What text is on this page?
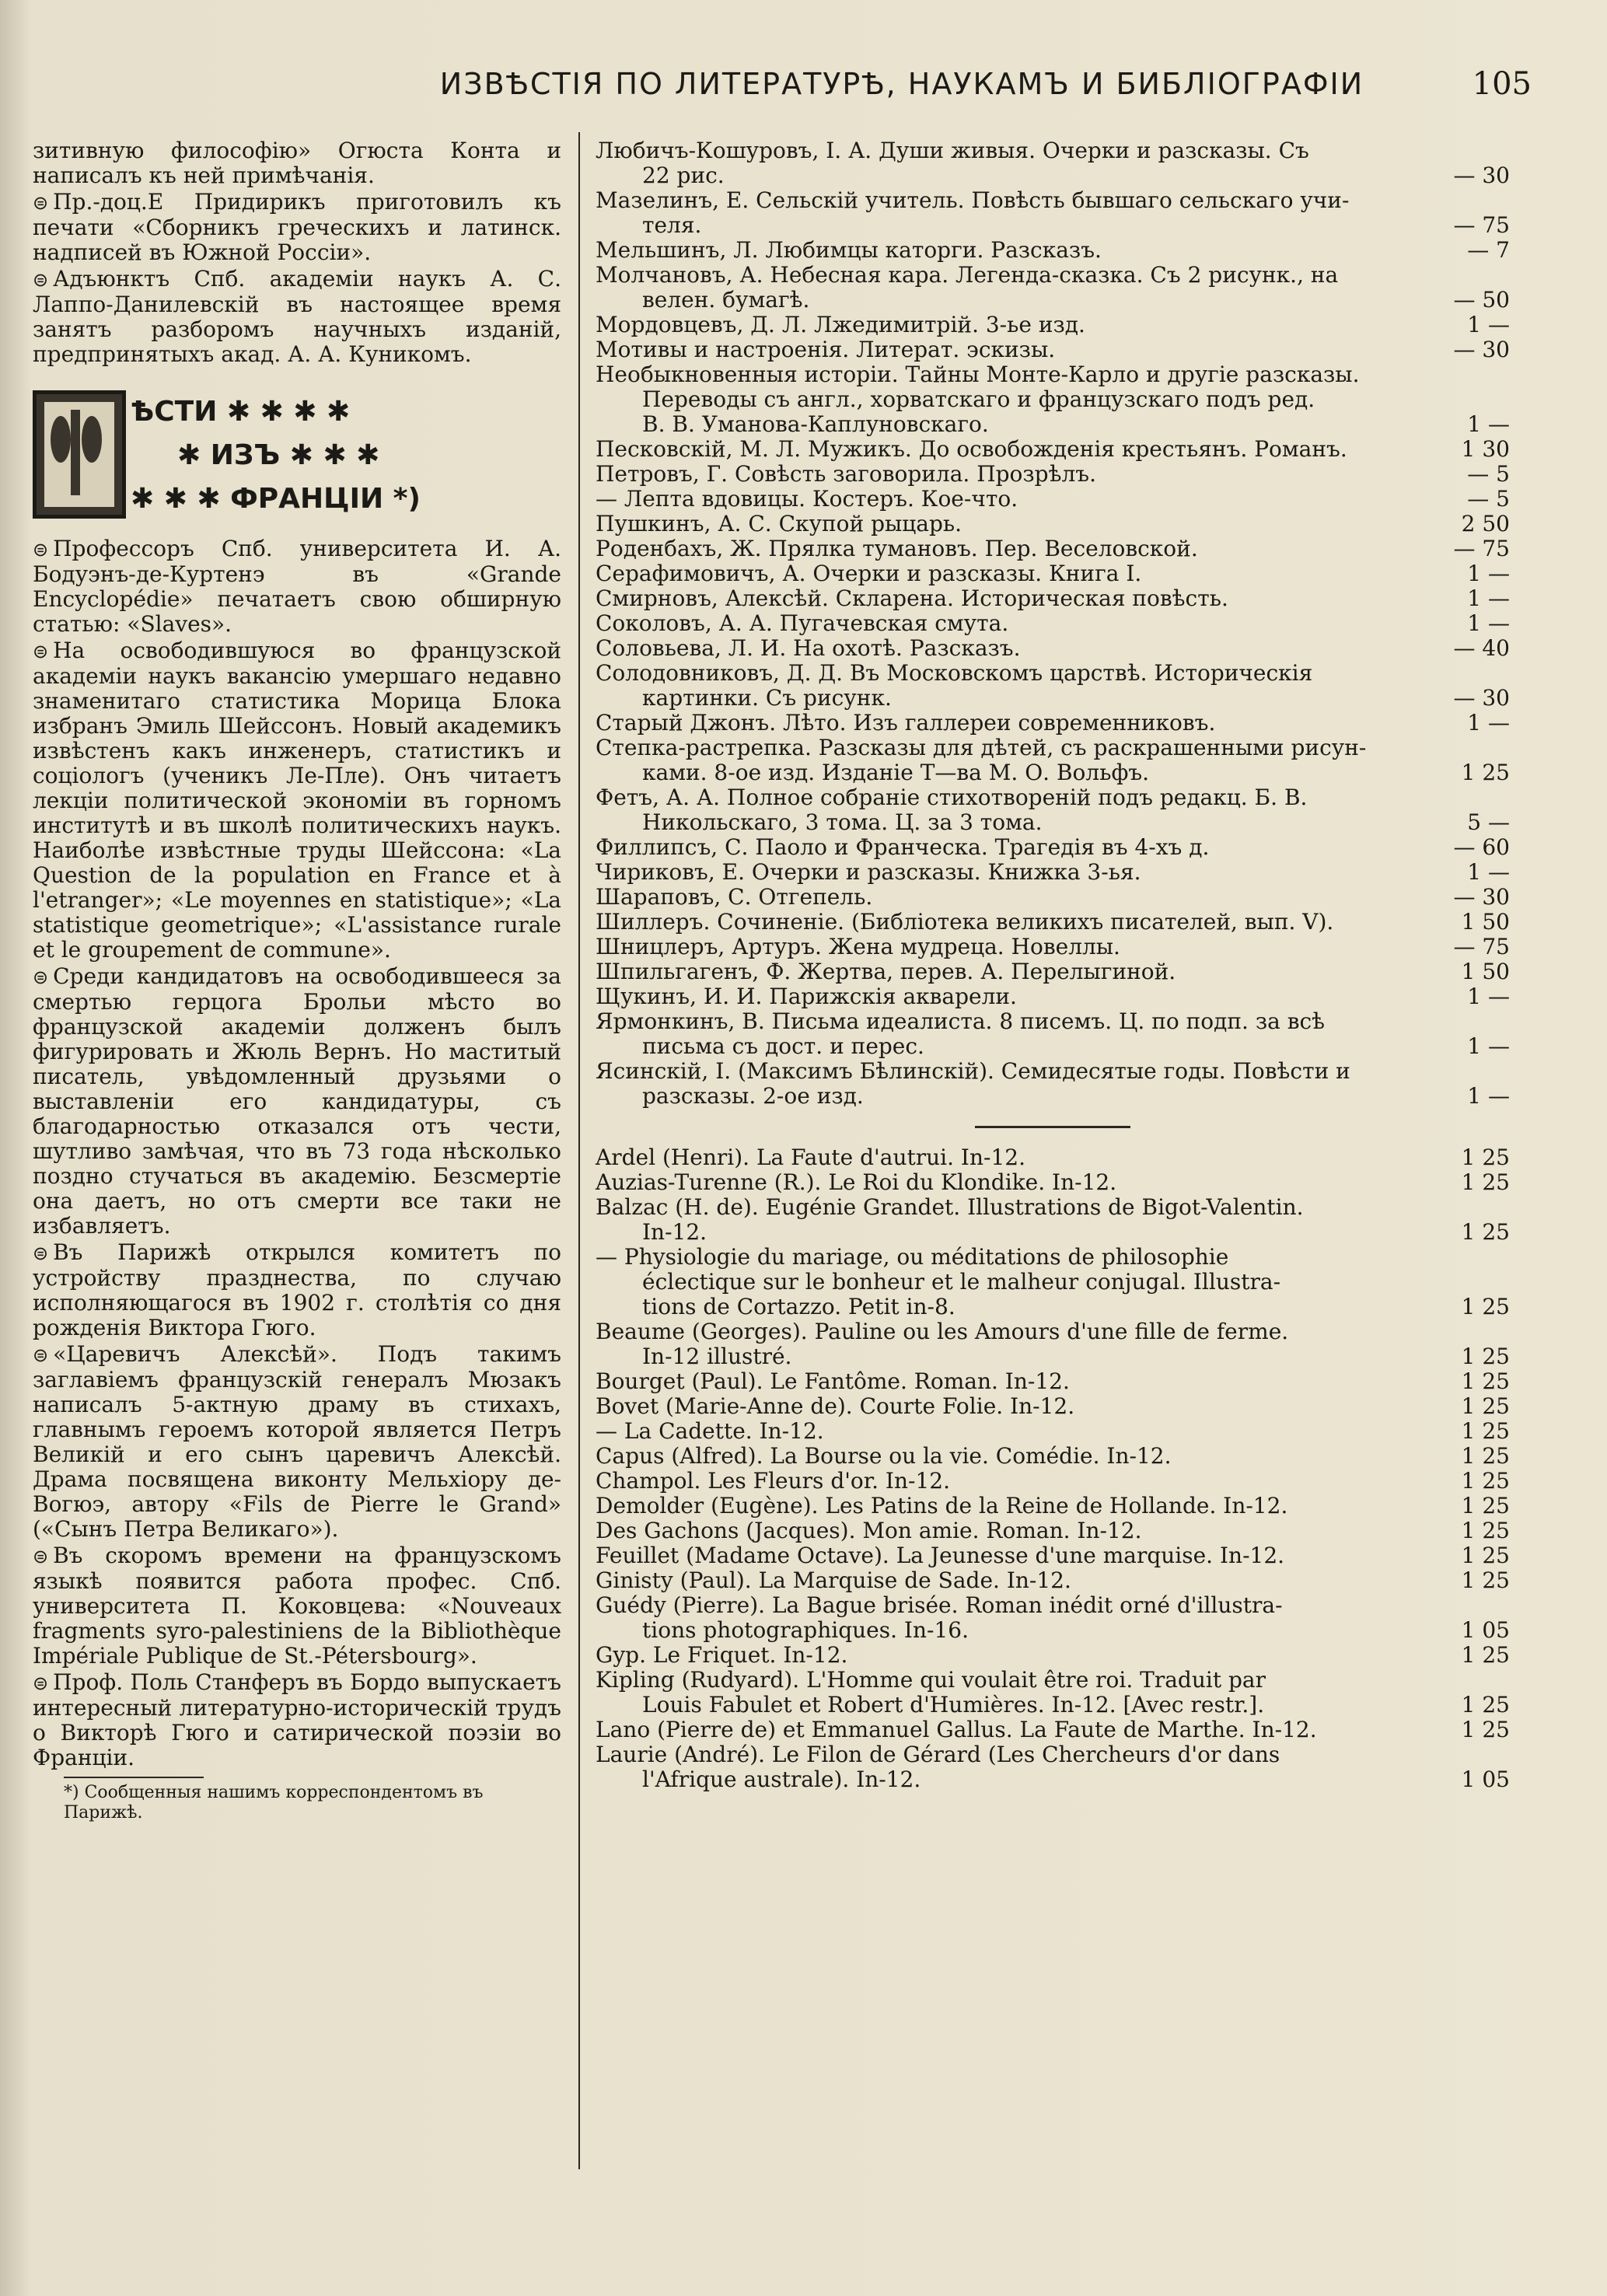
ИЗВѢСТІЯ ПО ЛИТЕРАТУРѢ, НАУКАМЪ И БИБЛІОГРАФІИ	105
зитивную философію» Огюста Конта и написалъ къ ней примѣчанія.
⊜ Пр.-доц.Е Придирикъ приготовилъ къ печати «Сборникъ греческихъ и латинск. надписей въ Южной Россіи».
⊜ Адъюнктъ Спб. академіи наукъ А. С. Лаппо-Данилевскій въ настоящее время занятъ разборомъ научныхъ изданій, предпринятыхъ акад. А. А. Куникомъ.
ѢСТИ ✱ ✱ ✱ ✱
✱ ИЗЪ ✱ ✱ ✱
✱ ✱ ✱ ФРАНЦІИ *)
⊜ Профессоръ Спб. университета И. А. Бодуэнъ-де-Куртенэ въ «Grande Encyclopédie» печатаетъ свою обширную статью: «Slaves».
⊜ На освободившуюся во французской академіи наукъ вакансію умершаго недавно знаменитаго статистика Морица Блока избранъ Эмиль Шейссонъ. Новый академикъ извѣстенъ какъ инженеръ, статистикъ и соціологъ (ученикъ Ле-Пле). Онъ читаетъ лекціи политической экономіи въ горномъ институтѣ и въ школѣ политическихъ наукъ. Наиболѣе извѣстные труды Шейссона: «La Question de la population en France et à l'etranger»; «Le moyennes en statistique»; «La statistique geometrique»; «L'assistance rurale et le groupement de commune».
⊜ Среди кандидатовъ на освободившееся за смертью герцога Брольи мѣсто во французской академіи долженъ былъ фигурировать и Жюль Вернъ. Но маститый писатель, увѣдомленный друзьями о выставленіи его кандидатуры, съ благодарностью отказался отъ чести, шутливо замѣчая, что въ 73 года нѣсколько поздно стучаться въ академію. Безсмертіе она даетъ, но отъ смерти все таки не избавляетъ.
⊜ Въ Парижѣ открылся комитетъ по устройству празднества, по случаю исполняющагося въ 1902 г. столѣтія со дня рожденія Виктора Гюго.
⊜ «Царевичъ Алексѣй». Подъ такимъ заглавіемъ французскій генералъ Мюзакъ написалъ 5-актную драму въ стихахъ, главнымъ героемъ которой является Петръ Великій и его сынъ царевичъ Алексѣй. Драма посвящена виконту Мельхіору де-Вогюэ, автору «Fils de Pierre le Grand» («Сынъ Петра Великаго»).
⊜ Въ скоромъ времени на французскомъ языкѣ появится работа профес. Спб. университета П. Коковцева: «Nouveaux fragments syro-palestiniens de la Bibliothèque Impériale Publique de St.-Pétersbourg».
⊜ Проф. Поль Станферъ въ Бордо выпускаетъ интересный литературно-историческій трудъ о Викторѣ Гюго и сатирической поэзіи во Франціи.
*) Сообщенныя нашимъ корреспондентомъ въ Парижѣ.
Любичъ-Кошуровъ, І. А. Души живыя. Очерки и разсказы. Съ
22 рис.	— 30
Мазелинъ, Е. Сельскій учитель. Повѣсть бывшаго сельскаго учи-
теля.	— 75
Мельшинъ, Л. Любимцы каторги. Разсказъ.	— 7
Молчановъ, А. Небесная кара. Легенда-сказка. Съ 2 рисунк., на
велен. бумагѣ.	— 50
Мордовцевъ, Д. Л. Лжедимитрій. 3-ье изд.	1 —
Мотивы и настроенія. Литерат. эскизы.	— 30
Необыкновенныя исторіи. Тайны Монте-Карло и другіе разсказы.
Переводы съ англ., хорватскаго и французскаго подъ ред.
В. В. Уманова-Каплуновскаго.	1 —
Песковскій, М. Л. Мужикъ. До освобожденія крестьянъ. Романъ.	1 30
Петровъ, Г. Совѣсть заговорила. Прозрѣлъ.	— 5
— Лепта вдовицы. Костеръ. Кое-что.	— 5
Пушкинъ, А. С. Скупой рыцарь.	2 50
Роденбахъ, Ж. Прялка тумановъ. Пер. Веселовской.	— 75
Серафимовичъ, А. Очерки и разсказы. Книга І.	1 —
Смирновъ, Алексѣй. Скларена. Историческая повѣсть.	1 —
Соколовъ, А. А. Пугачевская смута.	1 —
Соловьева, Л. И. На охотѣ. Разсказъ.	— 40
Солодовниковъ, Д. Д. Въ Московскомъ царствѣ. Историческія
картинки. Съ рисунк.	— 30
Старый Джонъ. Лѣто. Изъ галлереи современниковъ.	1 —
Степка-растрепка. Разсказы для дѣтей, съ раскрашенными рисун-
ками. 8-ое изд. Изданіе Т—ва М. О. Вольфъ.	1 25
Фетъ, А. А. Полное собраніе стихотвореній подъ редакц. Б. В.
Никольскаго, 3 тома. Ц. за 3 тома.	5 —
Филлипсъ, С. Паоло и Франческа. Трагедія въ 4-хъ д.	— 60
Чириковъ, Е. Очерки и разсказы. Книжка 3-ья.	1 —
Шараповъ, С. Отгепель.	— 30
Шиллеръ. Сочиненіе. (Библіотека великихъ писателей, вып. V).	1 50
Шницлеръ, Артуръ. Жена мудреца. Новеллы.	— 75
Шпильгагенъ, Ф. Жертва, перев. А. Перелыгиной.	1 50
Щукинъ, И. И. Парижскія акварели.	1 —
Ярмонкинъ, В. Письма идеалиста. 8 писемъ. Ц. по подп. за всѣ
письма съ дост. и перес.	1 —
Ясинскій, І. (Максимъ Бѣлинскій). Семидесятые годы. Повѣсти и
разсказы. 2-ое изд.	1 —
Ardel (Henri). La Faute d'autrui. In-12.	1 25
Auzias-Turenne (R.). Le Roi du Klondike. In-12.	1 25
Balzac (H. de). Eugénie Grandet. Illustrations de Bigot-Valentin.
In-12.	1 25
— Physiologie du mariage, ou méditations de philosophie
éclectique sur le bonheur et le malheur conjugal. Illustra-
tions de Cortazzo. Petit in-8.	1 25
Beaume (Georges). Pauline ou les Amours d'une fille de ferme.
In-12 illustré.	1 25
Bourget (Paul). Le Fantôme. Roman. In-12.	1 25
Bovet (Marie-Anne de). Courte Folie. In-12.	1 25
— La Cadette. In-12.	1 25
Capus (Alfred). La Bourse ou la vie. Comédie. In-12.	1 25
Champol. Les Fleurs d'or. In-12.	1 25
Demolder (Eugène). Les Patins de la Reine de Hollande. In-12.	1 25
Des Gachons (Jacques). Mon amie. Roman. In-12.	1 25
Feuillet (Madame Octave). La Jeunesse d'une marquise. In-12.	1 25
Ginisty (Paul). La Marquise de Sade. In-12.	1 25
Guédy (Pierre). La Bague brisée. Roman inédit orné d'illustra-
tions photographiques. In-16.	1 05
Gyp. Le Friquet. In-12.	1 25
Kipling (Rudyard). L'Homme qui voulait être roi. Traduit par
Louis Fabulet et Robert d'Humières. In-12. [Avec restr.].	1 25
Lano (Pierre de) et Emmanuel Gallus. La Faute de Marthe. In-12.	1 25
Laurie (André). Le Filon de Gérard (Les Chercheurs d'or dans
l'Afrique australe). In-12.	1 05
